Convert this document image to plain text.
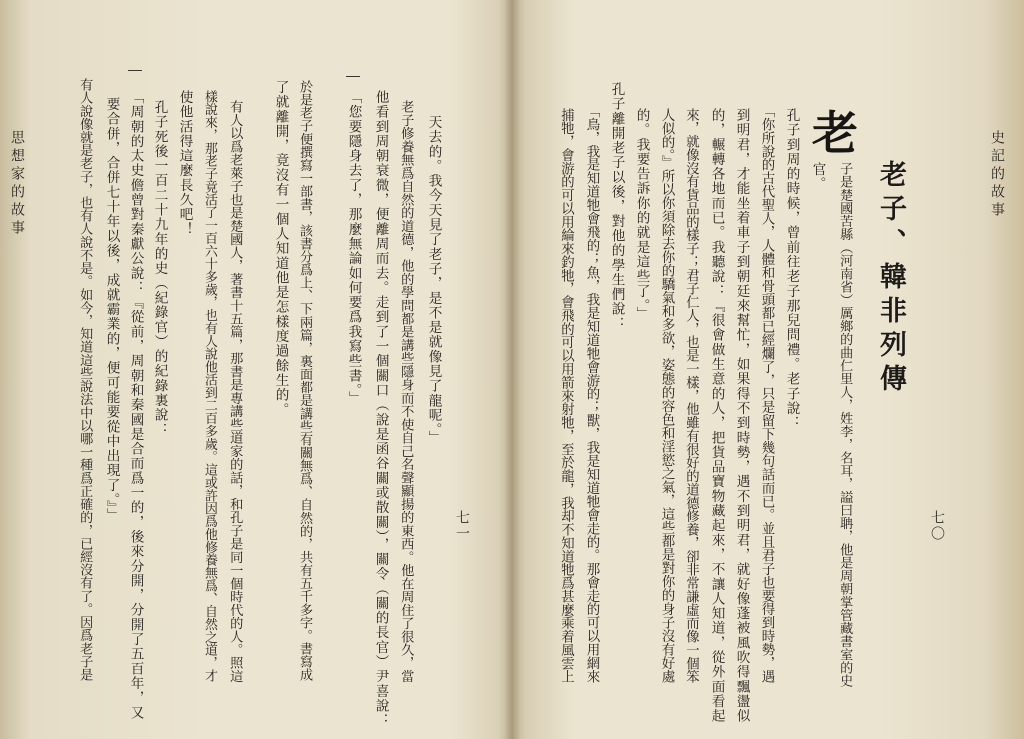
思想家的故事
七一
天去的。我今天見了老子，是不是就像見了龍呢。」
老子修養無爲自然的道德，他的學問都是講些隱身而不使自己名聲顯揚的東西。他在周住了很久，當
他看到周朝衰微，便離周而去。走到了一個關口（說是函谷關或散關），關令（關的長官）尹喜說：
「您要隱身去了，那麼無論如何要爲我寫些書。」
於是老子便撰寫一部書，該書分爲上、下兩篇，裏面都是講些有關無爲、自然的，共有五千多字。書寫成
了就離開，竟沒有一個人知道他是怎樣度過餘生的。
有人以爲老萊子也是楚國人，著書十五篇，那書是專講些道家的話，和孔子是同一個時代的人。照這
樣說來，那老子竟活了一百六十多歲，也有人說他活到二百多歲。這或許因爲他修養無爲、自然之道，才
使他活得這麼長久吧！
孔子死後一百二十九年的史（紀錄官）的紀錄裏說：
「周朝的太史儋曾對秦獻公說：『從前，周朝和秦國是合而爲一的，後來分開，分開了五百年，又
要合併，合併七十年以後，成就霸業的，便可能要從中出現了。』」
有人說像就是老子，也有人說不是。如今，知道這些說法中以哪一種爲正確的，已經沒有了。因爲老子是	史記的故事
七〇
老子、韓非列傳
老
子是楚國苦縣（河南省）厲鄉的曲仁里人，姓李，名耳，謚曰聃，他是周朝掌管藏書室的史
官。
孔子到周的時候，曾前往老子那兒問禮。老子說：
「你所說的古代聖人，人體和骨頭都已經爛了，只是留下幾句話而已。並且君子也要得到時勢，遇
到明君，才能坐着車子到朝廷來幫忙，如果得不到時勢，遇不到明君，就好像蓬被風吹得飄盪似
的，輾轉各地而已。我聽說：『很會做生意的人，把貨品寶物藏起來，不讓人知道，從外面看起
來，就像沒有貨品的樣子；君子仁人，也是一樣，他雖有很好的道德修養，卻非常謙虛而像一個笨
人似的。』所以你須除去你的驕氣和多欲，姿態的容色和淫慾之氣，這些都是對你的身子沒有好處
的。我要告訴你的就是這些了。」
孔子離開老子以後，對他的學生們說：
「鳥，我是知道牠會飛的；魚，我是知道牠會游的；獸，我是知道牠會走的。那會走的可以用網來
捕牠，會游的可以用綸來釣牠，會飛的可以用箭來射牠，至於龍，我却不知道牠爲甚麼乘着風雲上
